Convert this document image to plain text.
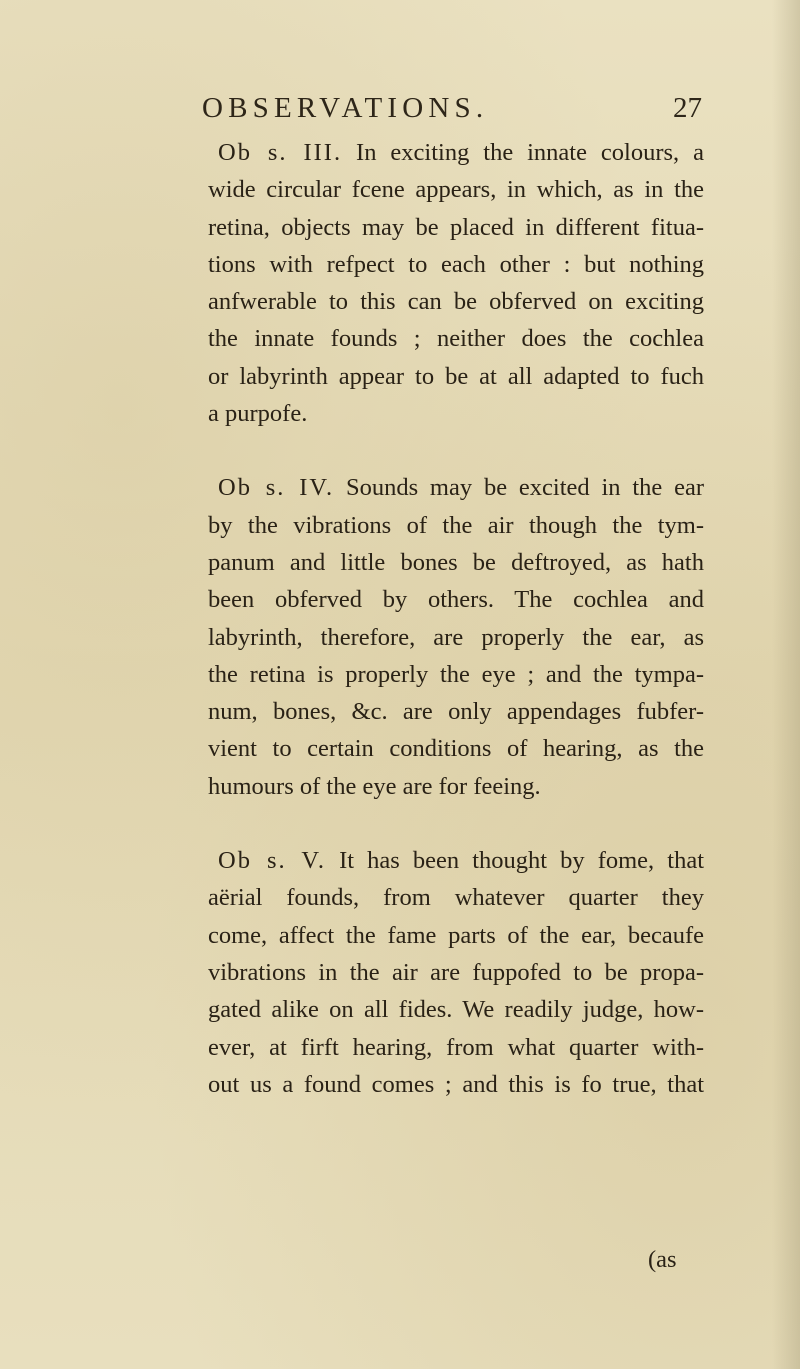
OBSERVATIONS.	27

Ob s. III. In exciting the innate colours, a
wide circular fcene appears, in which, as in the
retina, objects may be placed in different fitua-
tions with refpect to each other : but nothing
anfwerable to this can be obferved on exciting
the innate founds ; neither does the cochlea
or labyrinth appear to be at all adapted to fuch
a purpofe.

Ob s. IV. Sounds may be excited in the ear
by the vibrations of the air though the tym-
panum and little bones be deftroyed, as hath
been obferved by others. The cochlea and
labyrinth, therefore, are properly the ear, as
the retina is properly the eye ; and the tympa-
num, bones, &c. are only appendages fubfer-
vient to certain conditions of hearing, as the
humours of the eye are for feeing.

Ob s. V. It has been thought by fome, that
aërial founds, from whatever quarter they
come, affect the fame parts of the ear, becaufe
vibrations in the air are fuppofed to be propa-
gated alike on all fides. We readily judge, how-
ever, at firft hearing, from what quarter with-
out us a found comes ; and this is fo true, that

(as
